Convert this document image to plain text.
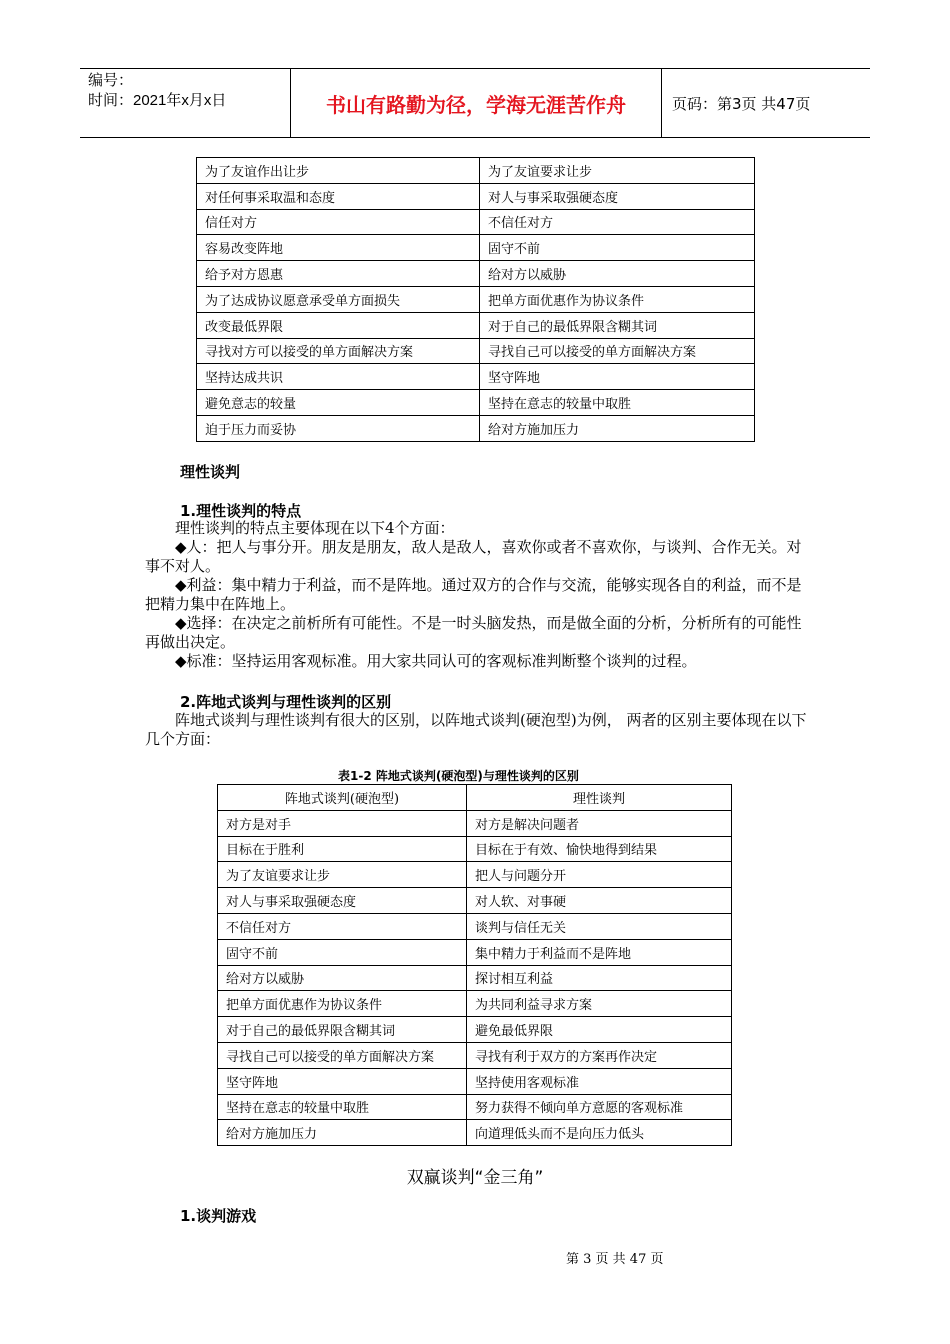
编号：
时间：2021年x月x日	书山有路勤为径，学海无涯苦作舟	页码：第3页 共47页
为了友谊作出让步	为了友谊要求让步
对任何事采取温和态度	对人与事采取强硬态度
信任对方	不信任对方
容易改变阵地	固守不前
给予对方恩惠	给对方以威胁
为了达成协议愿意承受单方面损失	把单方面优惠作为协议条件
改变最低界限	对于自己的最低界限含糊其词
寻找对方可以接受的单方面解决方案	寻找自己可以接受的单方面解决方案
坚持达成共识	坚守阵地
避免意志的较量	坚持在意志的较量中取胜
迫于压力而妥协	给对方施加压力
理性谈判
1.理性谈判的特点

理性谈判的特点主要体现在以下4个方面：

◆人：把人与事分开。朋友是朋友，敌人是敌人，喜欢你或者不喜欢你，与谈判、合作无关。对事不对人。

◆利益：集中精力于利益，而不是阵地。通过双方的合作与交流，能够实现各自的利益，而不是把精力集中在阵地上。

◆选择：在决定之前析所有可能性。不是一时头脑发热，而是做全面的分析，分析所有的可能性再做出决定。

◆标准：坚持运用客观标准。用大家共同认可的客观标准判断整个谈判的过程。

2.阵地式谈判与理性谈判的区别

阵地式谈判与理性谈判有很大的区别，以阵地式谈判(硬泡型)为例， 两者的区别主要体现在以下几个方面：

表1-2 阵地式谈判(硬泡型)与理性谈判的区别
阵地式谈判(硬泡型)	理性谈判
对方是对手	对方是解决问题者
目标在于胜利	目标在于有效、愉快地得到结果
为了友谊要求让步	把人与问题分开
对人与事采取强硬态度	对人软、对事硬
不信任对方	谈判与信任无关
固守不前	集中精力于利益而不是阵地
给对方以威胁	探讨相互利益
把单方面优惠作为协议条件	为共同利益寻求方案
对于自己的最低界限含糊其词	避免最低界限
寻找自己可以接受的单方面解决方案	寻找有利于双方的方案再作决定
坚守阵地	坚持使用客观标准
坚持在意志的较量中取胜	努力获得不倾向单方意愿的客观标准
给对方施加压力	向道理低头而不是向压力低头
双赢谈判“金三角”
1.谈判游戏
第 3 页 共 47 页
